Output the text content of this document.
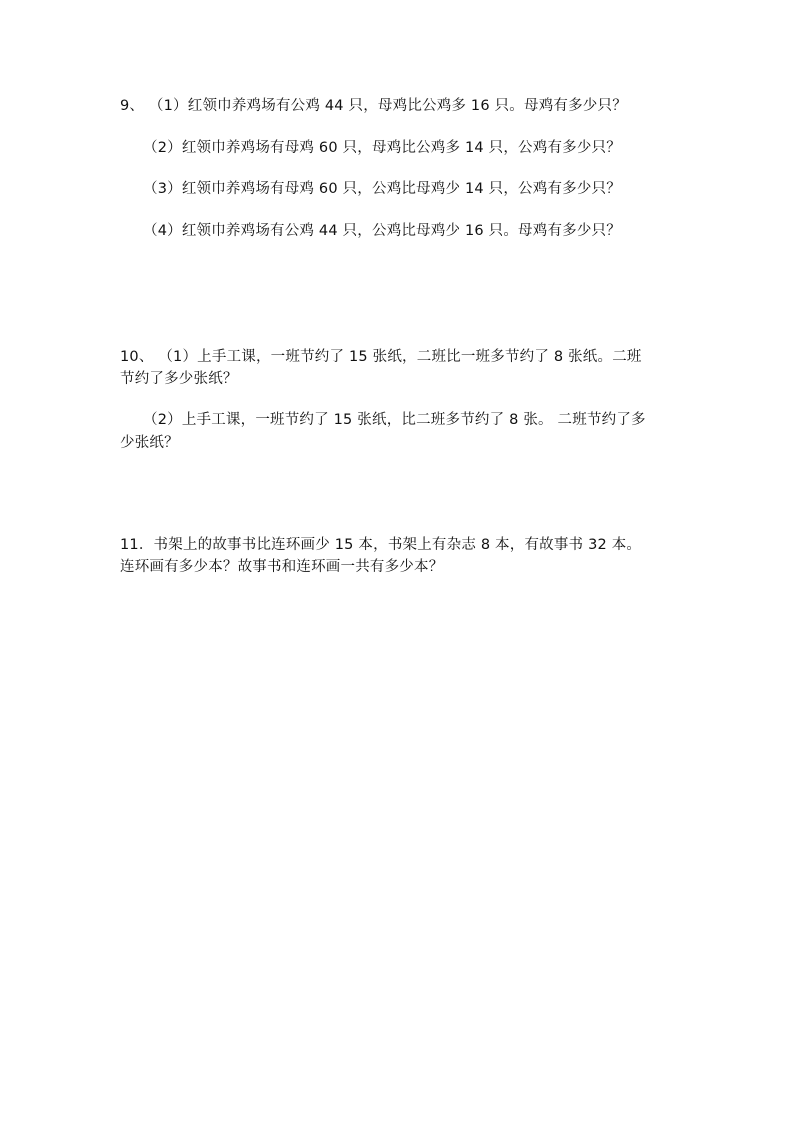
9、 （1）红领巾养鸡场有公鸡 44 只，母鸡比公鸡多 16 只。母鸡有多少只？
（2）红领巾养鸡场有母鸡 60 只，母鸡比公鸡多 14 只，公鸡有多少只？
（3）红领巾养鸡场有母鸡 60 只，公鸡比母鸡少 14 只，公鸡有多少只？
（4）红领巾养鸡场有公鸡 44 只，公鸡比母鸡少 16 只。母鸡有多少只？
10、 （1）上手工课，一班节约了 15 张纸，二班比一班多节约了 8 张纸。二班
节约了多少张纸？
（2）上手工课，一班节约了 15 张纸，比二班多节约了 8 张。 二班节约了多
少张纸？
11．书架上的故事书比连环画少 15 本，书架上有杂志 8 本，有故事书 32 本。
连环画有多少本？故事书和连环画一共有多少本？
